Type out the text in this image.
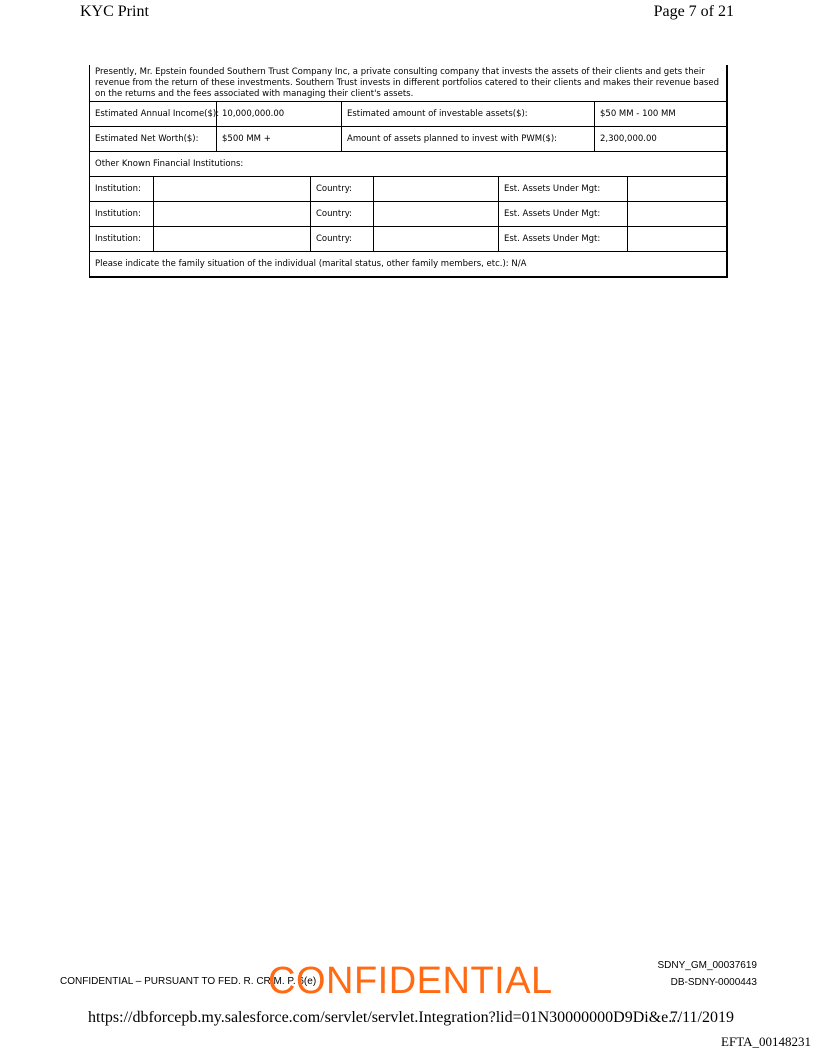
KYC Print	Page 7 of 21
Presently, Mr. Epstein founded Southern Trust Company Inc, a private consulting company that invests the assets of their clients and gets their revenue from the return of these investments. Southern Trust invests in different portfolios catered to their clients and makes their revenue based on the returns and the fees associated with managing their client's assets.
Estimated Annual Income($): 10,000,000.00	Estimated amount of investable assets($):	$50 MM - 100 MM
Estimated Net Worth($):	$500 MM +	Amount of assets planned to invest with PWM($):	2,300,000.00
Other Known Financial Institutions:
Institution:	Country:	Est. Assets Under Mgt:
Institution:	Country:	Est. Assets Under Mgt:
Institution:	Country:	Est. Assets Under Mgt:
Please indicate the family situation of the individual (marital status, other family members, etc.): N/A
CONFIDENTIAL – PURSUANT TO FED. R. CRIM. P. 6(e)
CONFIDENTIAL	SDNY_GM_00037619
DB-SDNY-0000443
https://dbforcepb.my.salesforce.com/servlet/servlet.Integration?lid=01N30000000D9Di&e...
7/11/2019
EFTA_00148231
